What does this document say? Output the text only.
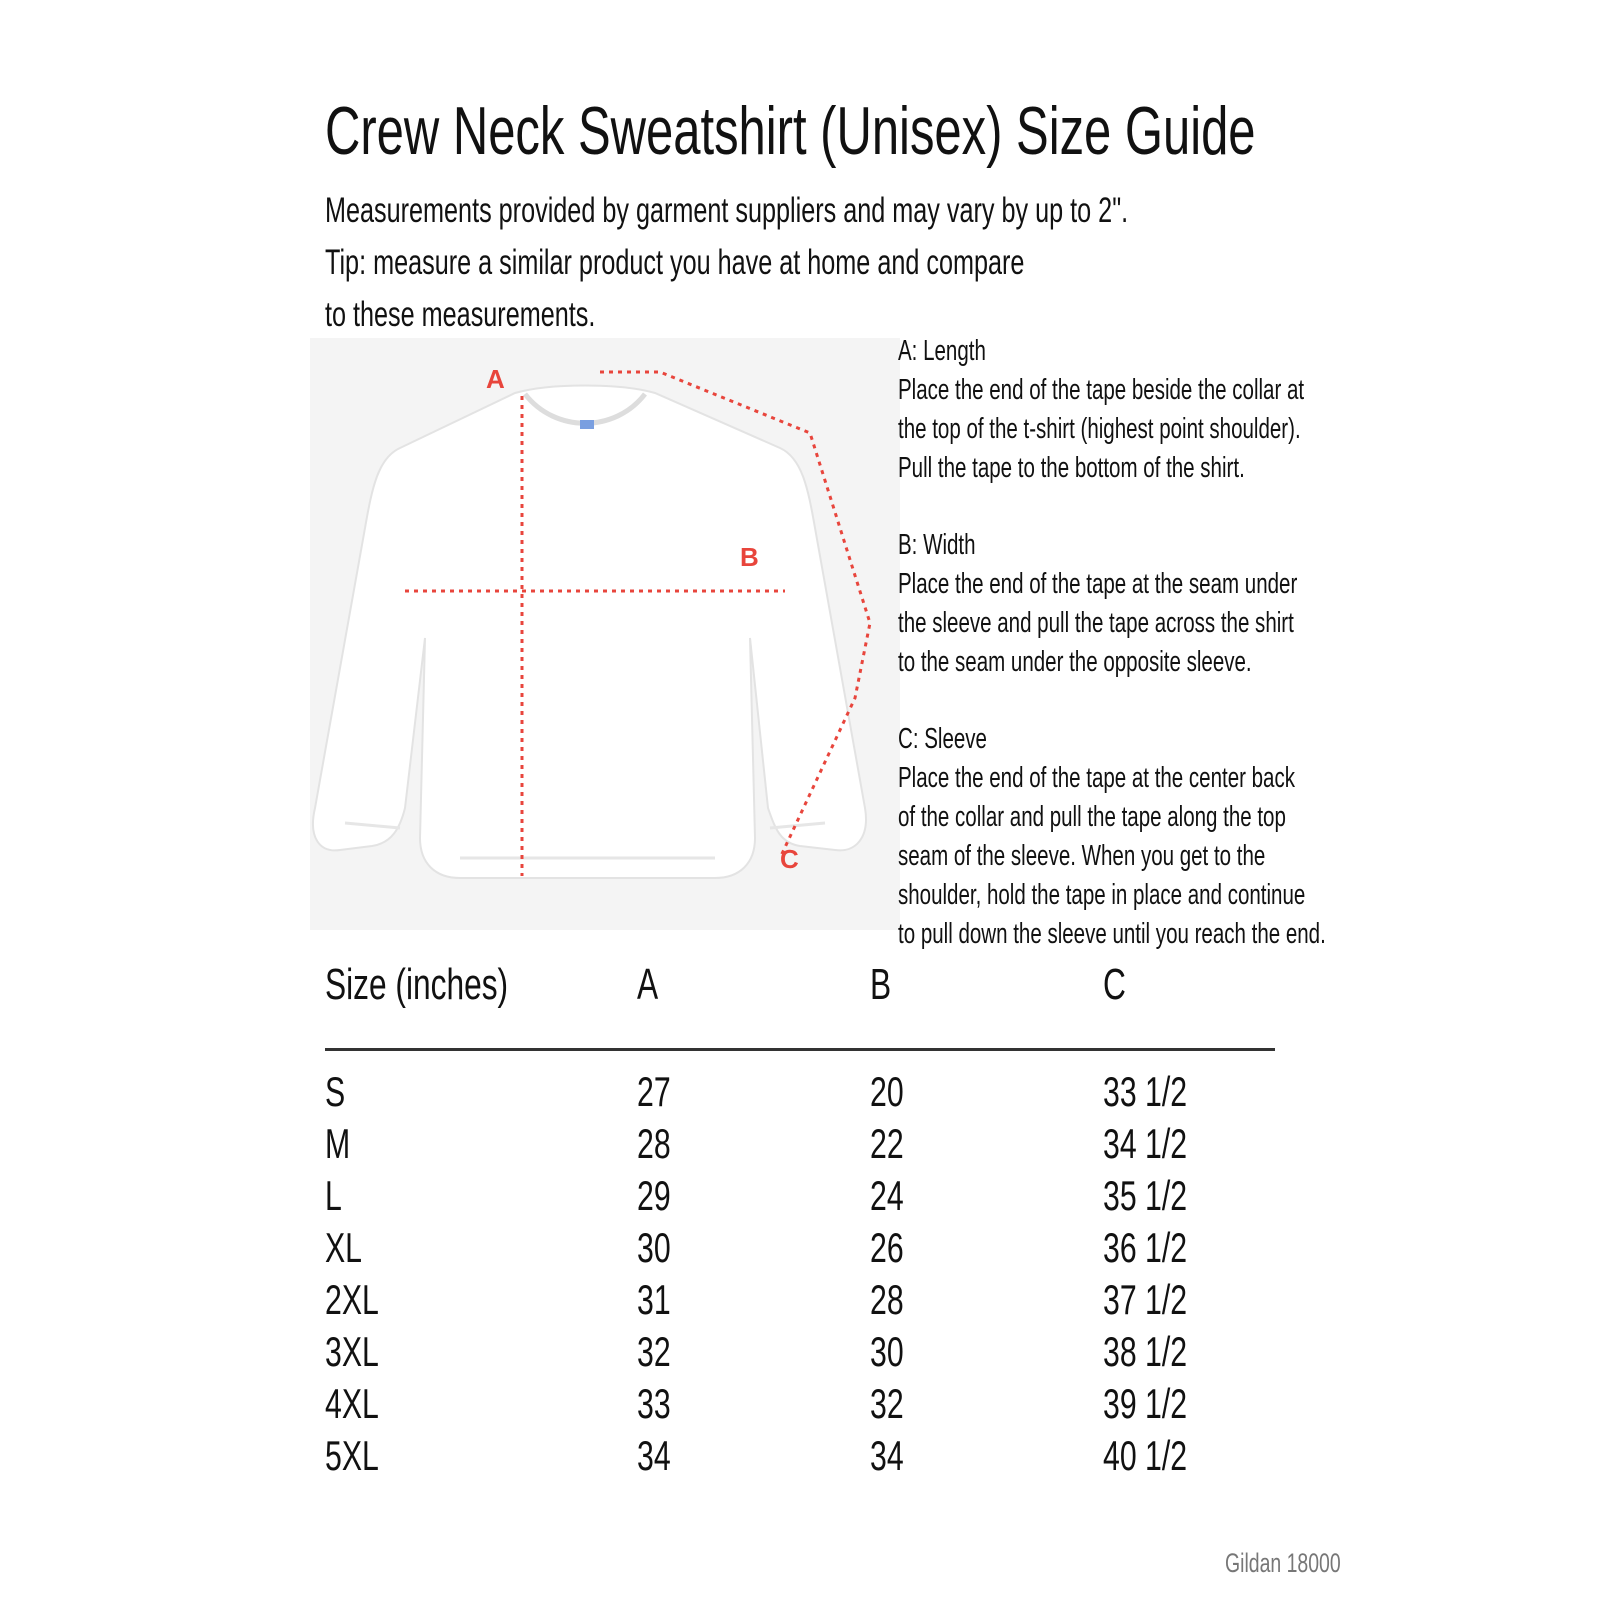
Crew Neck Sweatshirt (Unisex) Size Guide
Measurements provided by garment suppliers and may vary by up to 2".
Tip: measure a similar product you have at home and compare
to these measurements.
A
B
C
A: Length
Place the end of the tape beside the collar at
the top of the t-shirt (highest point shoulder).
Pull the tape to the bottom of the shirt.
B: Width
Place the end of the tape at the seam under
the sleeve and pull the tape across the shirt
to the seam under the opposite sleeve.
C: Sleeve
Place the end of the tape at the center back
of the collar and pull the tape along the top
seam of the sleeve. When you get to the
shoulder, hold the tape in place and continue
to pull down the sleeve until you reach the end.
Size (inches)	A	B	C
S	27	20	33 1/2
M	28	22	34 1/2
L	29	24	35 1/2
XL	30	26	36 1/2
2XL	31	28	37 1/2
3XL	32	30	38 1/2
4XL	33	32	39 1/2
5XL	34	34	40 1/2
Gildan 18000
